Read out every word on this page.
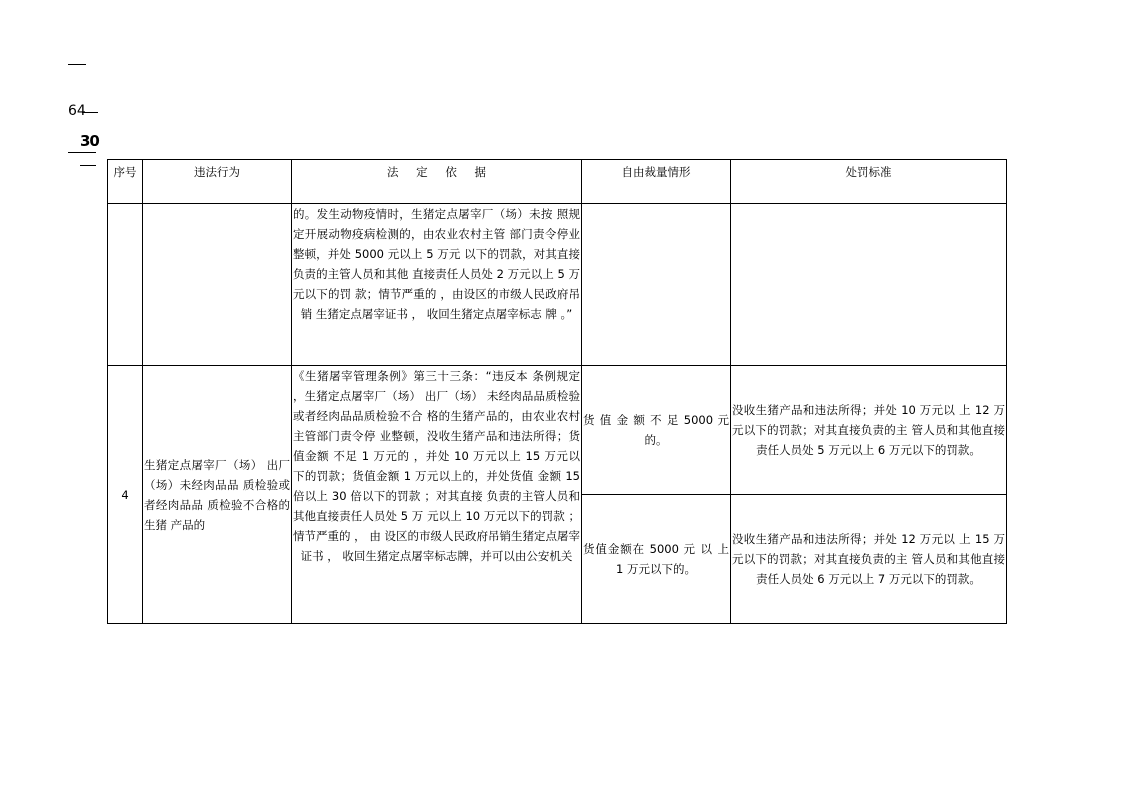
64
30
序号	违法行为	法 定 依 据	自由裁量情形	处罚标准
		的。发生动物疫情时，生猪定点屠宰厂（场）未按 照规定开展动物疫病检测的，由农业农村主管 部门责令停业整顿，并处 5000 元以上 5 万元 以下的罚款，对其直接负责的主管人员和其他 直接责任人员处 2 万元以上 5 万元以下的罚 款；情节严重的 ，由设区的市级人民政府吊销 生猪定点屠宰证书 ， 收回生猪定点屠宰标志 牌 。”		
4	生猪定点屠宰厂（场） 出厂（场）未经肉品品 质检验或者经肉品品 质检验不合格的生猪 产品的	《生猪屠宰管理条例》第三十三条：“违反本 条例规定 ，生猪定点屠宰厂（场） 出厂（场） 未经肉品品质检验或者经肉品品质检验不合 格的生猪产品的，由农业农村主管部门责令停 业整顿，没收生猪产品和违法所得；货值金额 不足 1 万元的 ，并处 10 万元以上 15 万元以 下的罚款；货值金额 1 万元以上的，并处货值 金额 15 倍以上 30 倍以下的罚款 ；对其直接 负责的主管人员和其他直接责任人员处 5 万 元以上 10 万元以下的罚款 ；情节严重的 ， 由 设区的市级人民政府吊销生猪定点屠宰证书 ， 收回生猪定点屠宰标志牌，并可以由公安机关	货 值 金 额 不 足 5000 元的。	没收生猪产品和违法所得；并处 10 万元以 上 12 万元以下的罚款；对其直接负责的主 管人员和其他直接责任人员处 5 万元以上 6 万元以下的罚款。
			货值金额在 5000 元 以 上 1 万元以下的。	没收生猪产品和违法所得；并处 12 万元以 上 15 万元以下的罚款；对其直接负责的主 管人员和其他直接责任人员处 6 万元以上 7 万元以下的罚款。
